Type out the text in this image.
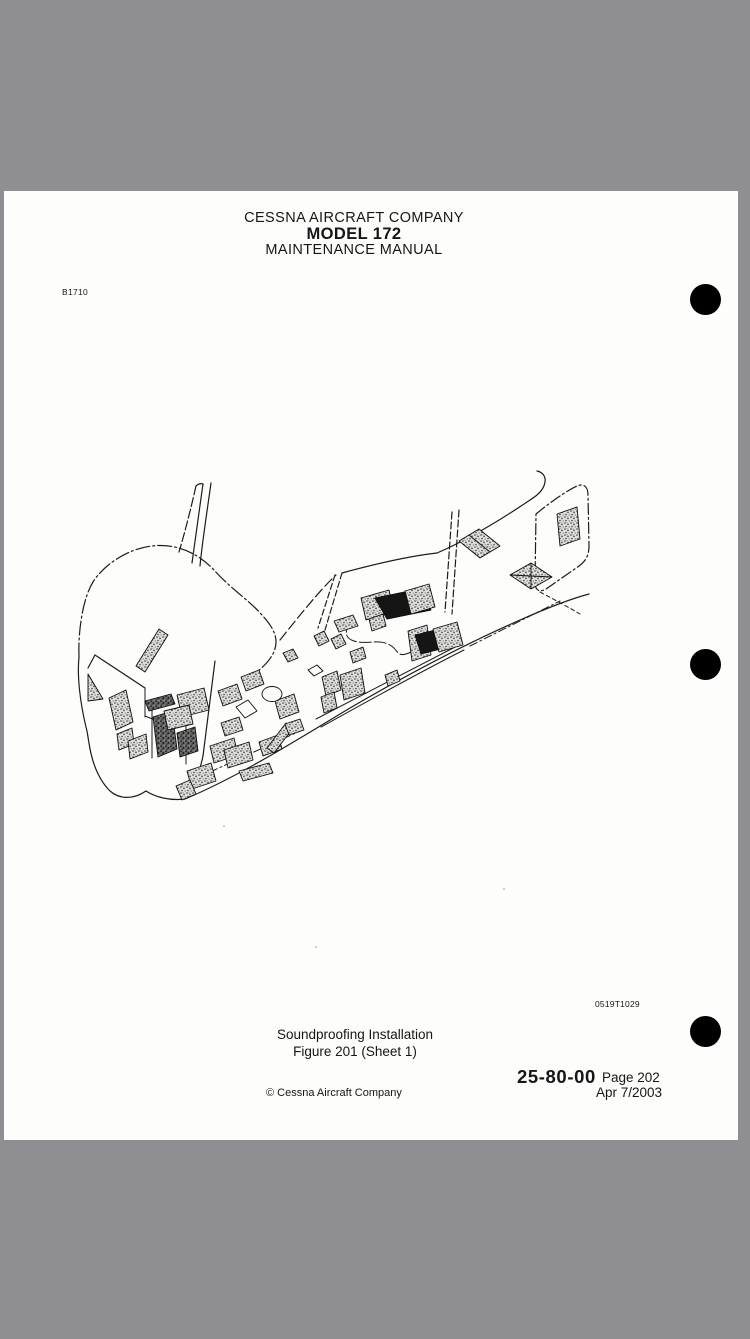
CESSNA AIRCRAFT COMPANY
MODEL 172
MAINTENANCE MANUAL
B1710
0519T1029
Soundproofing Installation
Figure 201 (Sheet 1)
25-80-00 Page 202
Apr 7/2003
© Cessna Aircraft Company
